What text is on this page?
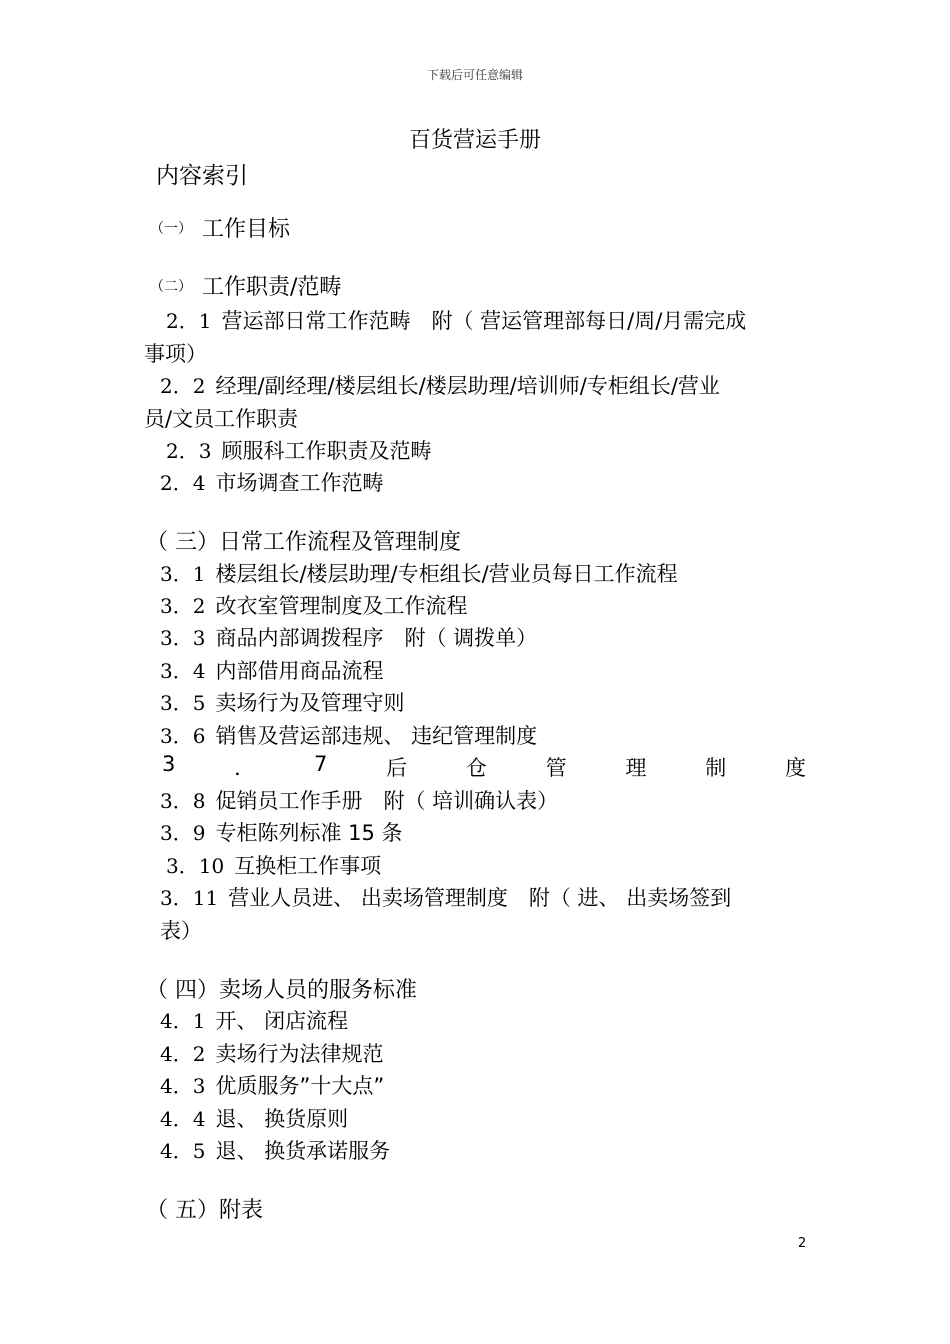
下载后可任意编辑
百货营运手册
内容索引
（一） 工作目标
（二） 工作职责/范畴
2．1 营运部日常工作范畴　附（ 营运管理部每日/周/月需完成
事项）
2．2 经理/副经理/楼层组长/楼层助理/培训师/专柜组长/营业
员/文员工作职责
2．3 顾服科工作职责及范畴
2．4 市场调查工作范畴
（ 三）日常工作流程及管理制度
3．1 楼层组长/楼层助理/专柜组长/营业员每日工作流程
3．2 改衣室管理制度及工作流程
3．3 商品内部调拨程序　附（ 调拨单）
3．4 内部借用商品流程
3．5 卖场行为及管理守则
3．6 销售及营运部违规、 违纪管理制度
3	．	7	后	仓	管	理	制	度
3．8 促销员工作手册　附（ 培训确认表）
3．9 专柜陈列标准 15 条
3．10 互换柜工作事项
3．11 营业人员进、 出卖场管理制度　附（ 进、 出卖场签到
表）
（ 四）卖场人员的服务标准
4．1 开、 闭店流程
4．2 卖场行为法律规范
4．3 优质服务”十大点”
4．4 退、 换货原则
4．5 退、 换货承诺服务
（ 五）附表
2
